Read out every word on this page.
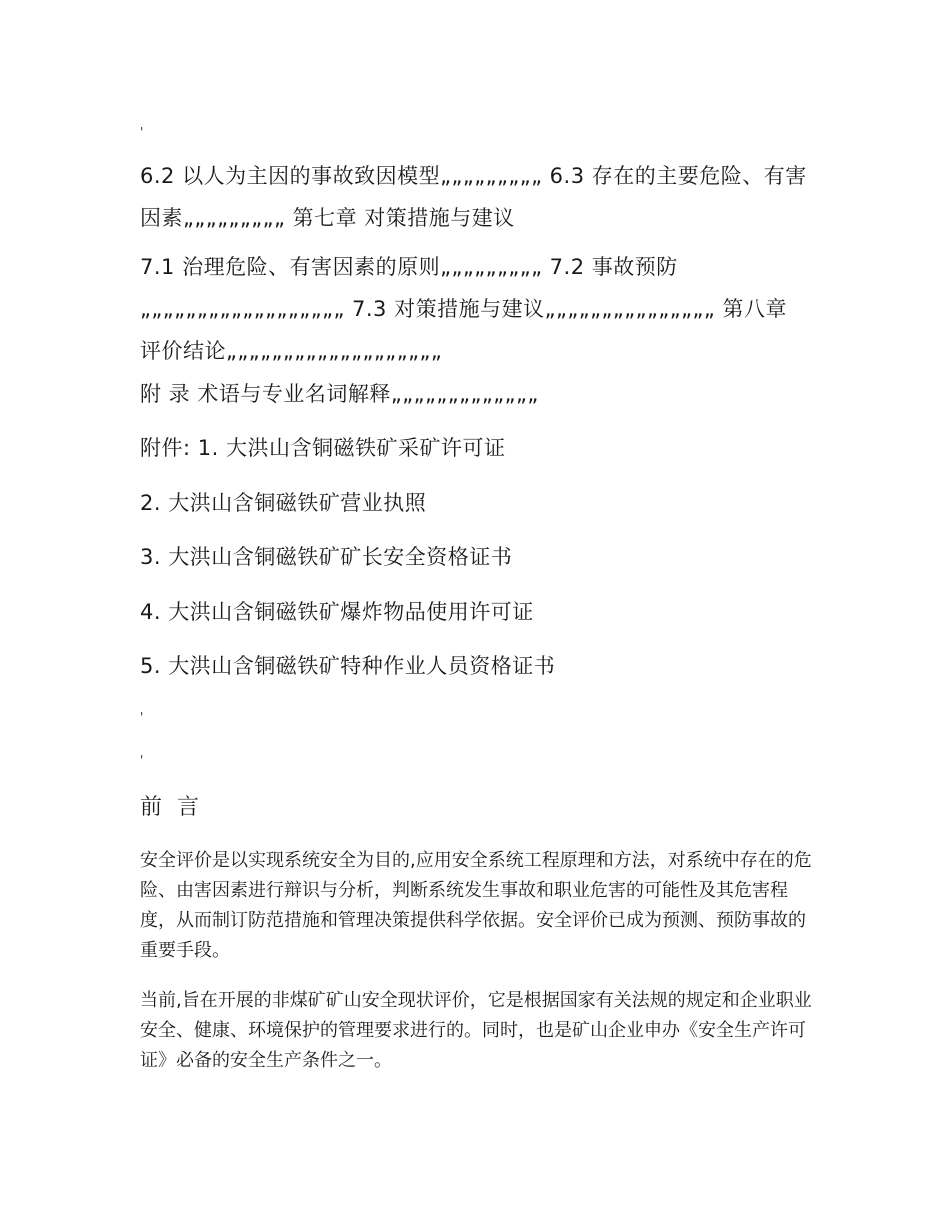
'

6.2 以人为主因的事故致因模型„„„„„„„„„ 6.3 存在的主要危险、有害因素„„„„„„„„„ 第七章 对策措施与建议

7.1 治理危险、有害因素的原则„„„„„„„„„ 7.2 事故预防„„„„„„„„„„„„„„„„„„ 7.3 对策措施与建议„„„„„„„„„„„„„„„ 第八章 评价结论„„„„„„„„„„„„„„„„„„„

附 录 术语与专业名词解释„„„„„„„„„„„„„

附件: 1. 大洪山含铜磁铁矿采矿许可证

2. 大洪山含铜磁铁矿营业执照

3. 大洪山含铜磁铁矿矿长安全资格证书

4. 大洪山含铜磁铁矿爆炸物品使用许可证

5. 大洪山含铜磁铁矿特种作业人员资格证书

'
'
前 言

安全评价是以实现系统安全为目的,应用安全系统工程原理和方法，对系统中存在的危险、由害因素进行辩识与分析，判断系统发生事故和职业危害的可能性及其危害程度，从而制订防范措施和管理决策提供科学依据。安全评价已成为预测、预防事故的重要手段。

当前,旨在开展的非煤矿矿山安全现状评价，它是根据国家有关法规的规定和企业职业安全、健康、环境保护的管理要求进行的。同时，也是矿山企业申办《安全生产许可证》必备的安全生产条件之一。
